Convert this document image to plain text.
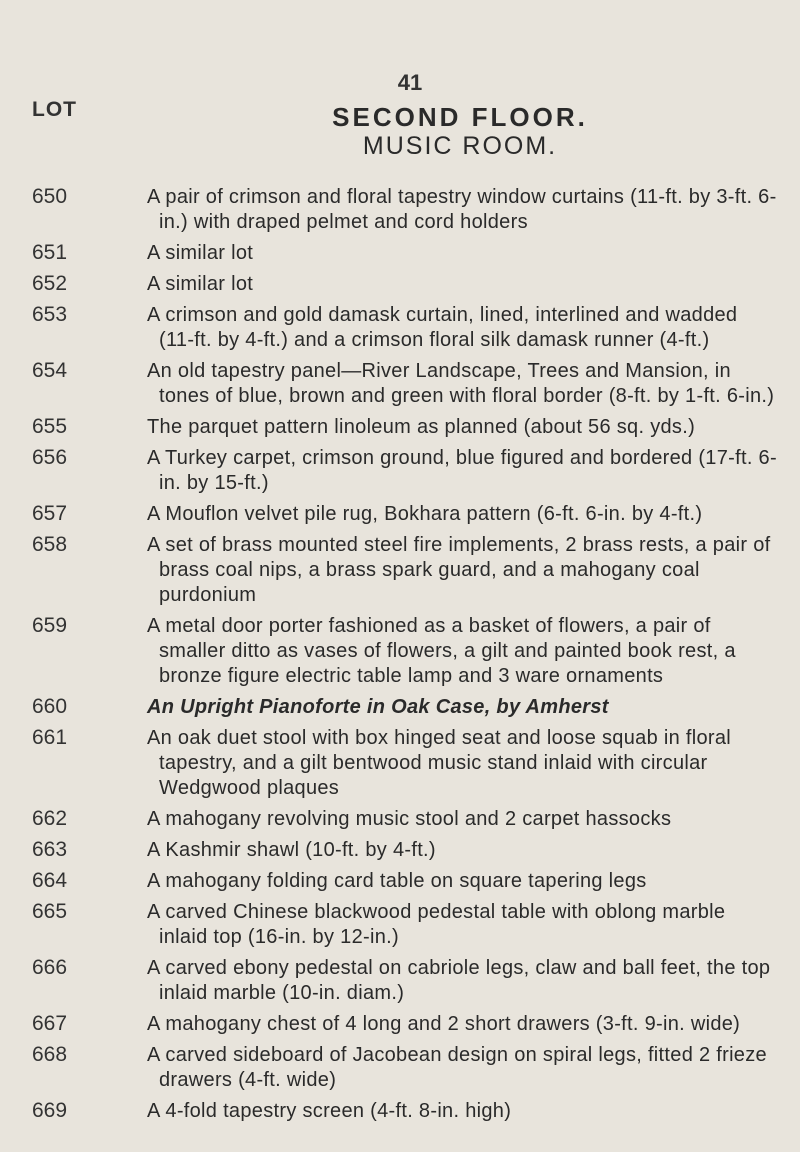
41
LOT	SECOND FLOOR.
MUSIC ROOM.
650	A pair of crimson and floral tapestry window curtains (11-ft. by 3-ft. 6-in.) with draped pelmet and cord holders
651	A similar lot
652	A similar lot
653	A crimson and gold damask curtain, lined, interlined and wadded (11-ft. by 4-ft.) and a crimson floral silk damask runner (4-ft.)
654	An old tapestry panel—River Landscape, Trees and Mansion, in tones of blue, brown and green with floral border (8-ft. by 1-ft. 6-in.)
655	The parquet pattern linoleum as planned (about 56 sq. yds.)
656	A Turkey carpet, crimson ground, blue figured and bordered (17-ft. 6-in. by 15-ft.)
657	A Mouflon velvet pile rug, Bokhara pattern (6-ft. 6-in. by 4-ft.)
658	A set of brass mounted steel fire implements, 2 brass rests, a pair of brass coal nips, a brass spark guard, and a mahogany coal purdonium
659	A metal door porter fashioned as a basket of flowers, a pair of smaller ditto as vases of flowers, a gilt and painted book rest, a bronze figure electric table lamp and 3 ware ornaments
660	An Upright Pianoforte in Oak Case, by Amherst
661	An oak duet stool with box hinged seat and loose squab in floral tapestry, and a gilt bentwood music stand inlaid with circular Wedgwood plaques
662	A mahogany revolving music stool and 2 carpet hassocks
663	A Kashmir shawl (10-ft. by 4-ft.)
664	A mahogany folding card table on square tapering legs
665	A carved Chinese blackwood pedestal table with oblong marble inlaid top (16-in. by 12-in.)
666	A carved ebony pedestal on cabriole legs, claw and ball feet, the top inlaid marble (10-in. diam.)
667	A mahogany chest of 4 long and 2 short drawers (3-ft. 9-in. wide)
668	A carved sideboard of Jacobean design on spiral legs, fitted 2 frieze drawers (4-ft. wide)
669	A 4-fold tapestry screen (4-ft. 8-in. high)
